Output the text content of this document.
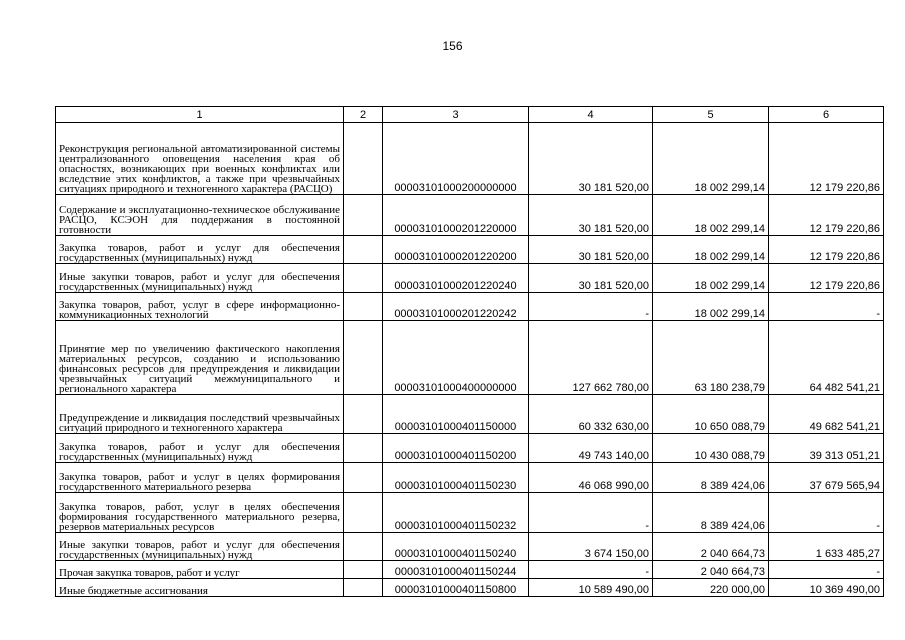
156
1	2	3	4	5	6
Реконструкция региональной автоматизированной системы централизованного оповещения населения края об опасностях, возникающих при военных конфликтах или вследствие этих конфликтов, а также при чрезвычайных ситуациях природного и техногенного характера (РАСЦО)		00003101000200000000	30 181 520,00	18 002 299,14	12 179 220,86
Содержание и эксплуатационно-техническое обслуживание РАСЦО, КСЭОН для поддержания в постоянной готовности		00003101000201220000	30 181 520,00	18 002 299,14	12 179 220,86
Закупка товаров, работ и услуг для обеспечения государственных (муниципальных) нужд		00003101000201220200	30 181 520,00	18 002 299,14	12 179 220,86
Иные закупки товаров, работ и услуг для обеспечения государственных (муниципальных) нужд		00003101000201220240	30 181 520,00	18 002 299,14	12 179 220,86
Закупка товаров, работ, услуг в сфере информационно-коммуникационных технологий		00003101000201220242	-	18 002 299,14	-
Принятие мер по увеличению фактического накопления материальных ресурсов, созданию и использованию финансовых ресурсов для предупреждения и ликвидации чрезвычайных ситуаций межмуниципального и регионального характера		00003101000400000000	127 662 780,00	63 180 238,79	64 482 541,21
Предупреждение и ликвидация последствий чрезвычайных ситуаций природного и техногенного характера		00003101000401150000	60 332 630,00	10 650 088,79	49 682 541,21
Закупка товаров, работ и услуг для обеспечения государственных (муниципальных) нужд		00003101000401150200	49 743 140,00	10 430 088,79	39 313 051,21
Закупка товаров, работ и услуг в целях формирования государственного материального резерва		00003101000401150230	46 068 990,00	8 389 424,06	37 679 565,94
Закупка товаров, работ, услуг в целях обеспечения формирования государственного материального резерва, резервов материальных ресурсов		00003101000401150232	-	8 389 424,06	-
Иные закупки товаров, работ и услуг для обеспечения государственных (муниципальных) нужд		00003101000401150240	3 674 150,00	2 040 664,73	1 633 485,27
Прочая закупка товаров, работ и услуг		00003101000401150244	-	2 040 664,73	-
Иные бюджетные ассигнования		00003101000401150800	10 589 490,00	220 000,00	10 369 490,00
